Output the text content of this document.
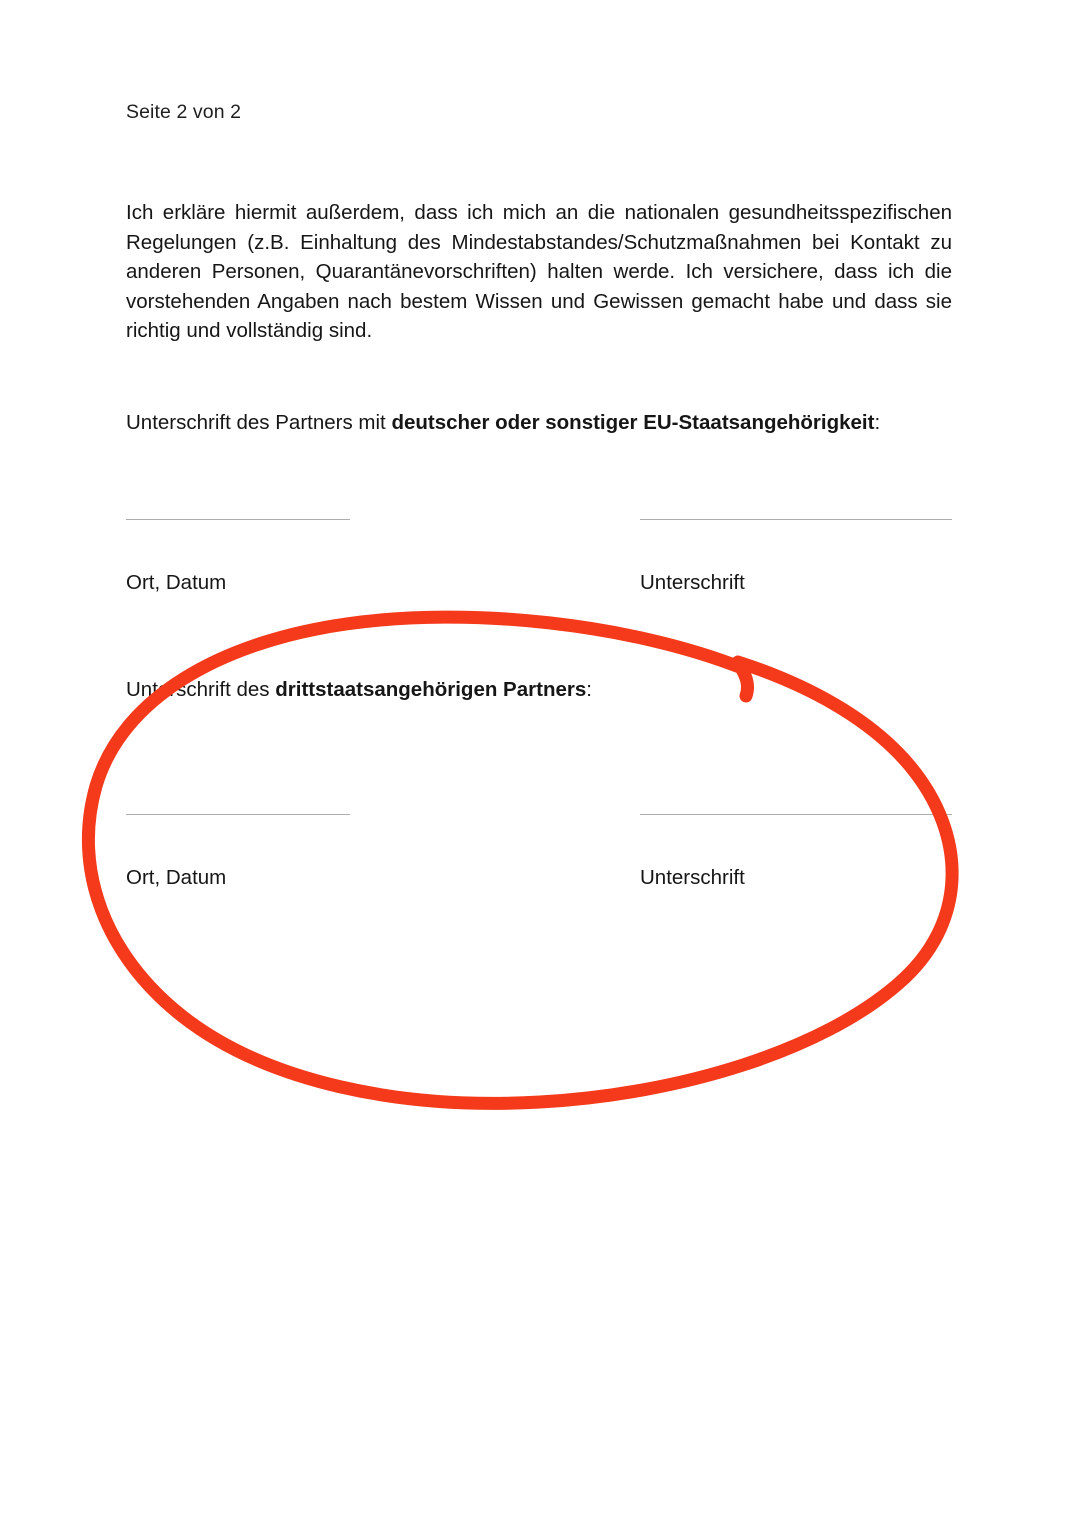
Seite 2 von 2
Ich erkläre hiermit außerdem, dass ich mich an die nationalen gesundheitsspezifischen Regelungen (z.B. Einhaltung des Mindestabstandes/Schutzmaßnahmen bei Kontakt zu anderen Personen, Quarantänevorschriften) halten werde. Ich versichere, dass ich die vorstehenden Angaben nach bestem Wissen und Gewissen gemacht habe und dass sie richtig und vollständig sind.
Unterschrift des Partners mit deutscher oder sonstiger EU-Staatsangehörigkeit:
Ort, Datum	Unterschrift
Unterschrift des drittstaatsangehörigen Partners:
Ort, Datum	Unterschrift
